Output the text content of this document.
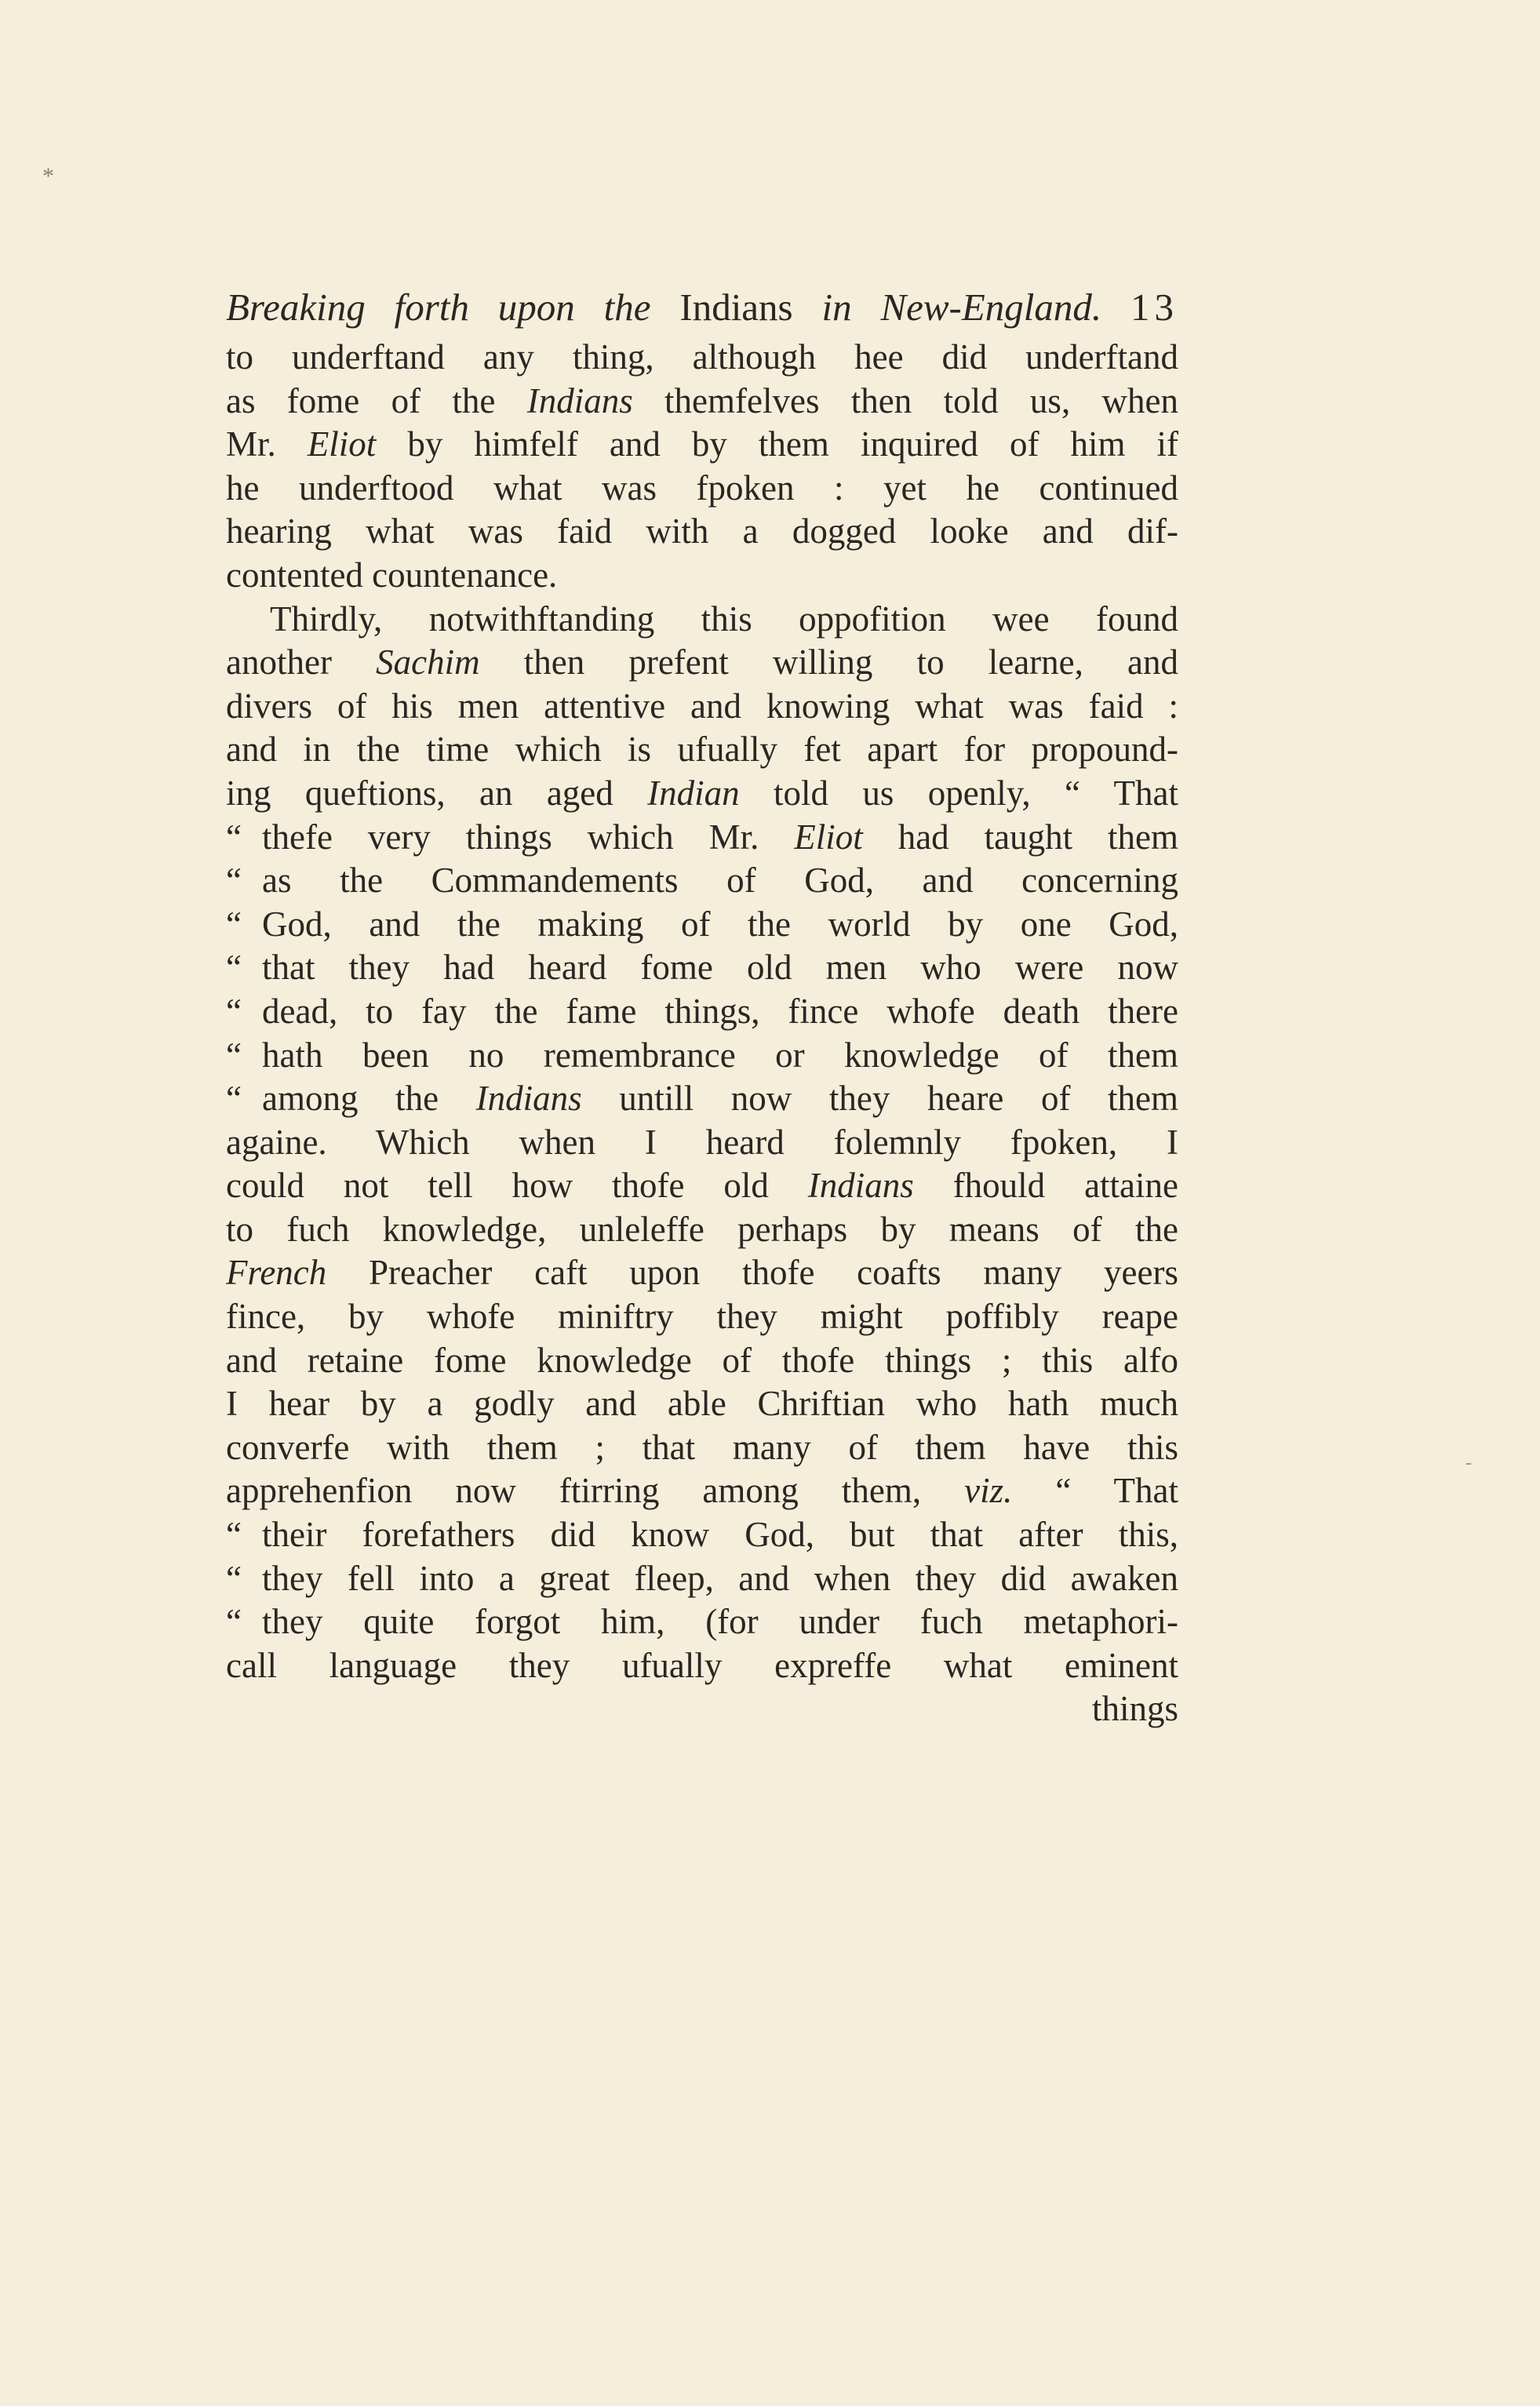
*
-
Breaking forth upon the Indians in New-England. 13
to underftand any thing, although hee did underftand
as fome of the Indians themfelves then told us, when
Mr. Eliot by himfelf and by them inquired of him if
he underftood what was fpoken : yet he continued
hearing what was faid with a dogged looke and dif-
contented countenance.
Thirdly, notwithftanding this oppofition wee found
another Sachim then prefent willing to learne, and
divers of his men attentive and knowing what was faid :
and in the time which is ufually fet apart for propound-
ing queftions, an aged Indian told us openly, “ That
“ thefe very things which Mr. Eliot had taught them
“ as the Commandements of God, and concerning
“ God, and the making of the world by one God,
“ that they had heard fome old men who were now
“ dead, to fay the fame things, fince whofe death there
“ hath been no remembrance or knowledge of them
“ among the Indians untill now they heare of them
againe. Which when I heard folemnly fpoken, I
could not tell how thofe old Indians fhould attaine
to fuch knowledge, unleleffe perhaps by means of the
French Preacher caft upon thofe coafts many yeers
fince, by whofe miniftry they might poffibly reape
and retaine fome knowledge of thofe things ; this alfo
I hear by a godly and able Chriftian who hath much
converfe with them ; that many of them have this
apprehenfion now ftirring among them, viz. “ That
“ their forefathers did know God, but that after this,
“ they fell into a great fleep, and when they did awaken
“ they quite forgot him, (for under fuch metaphori-
call language they ufually expreffe what eminent
things
